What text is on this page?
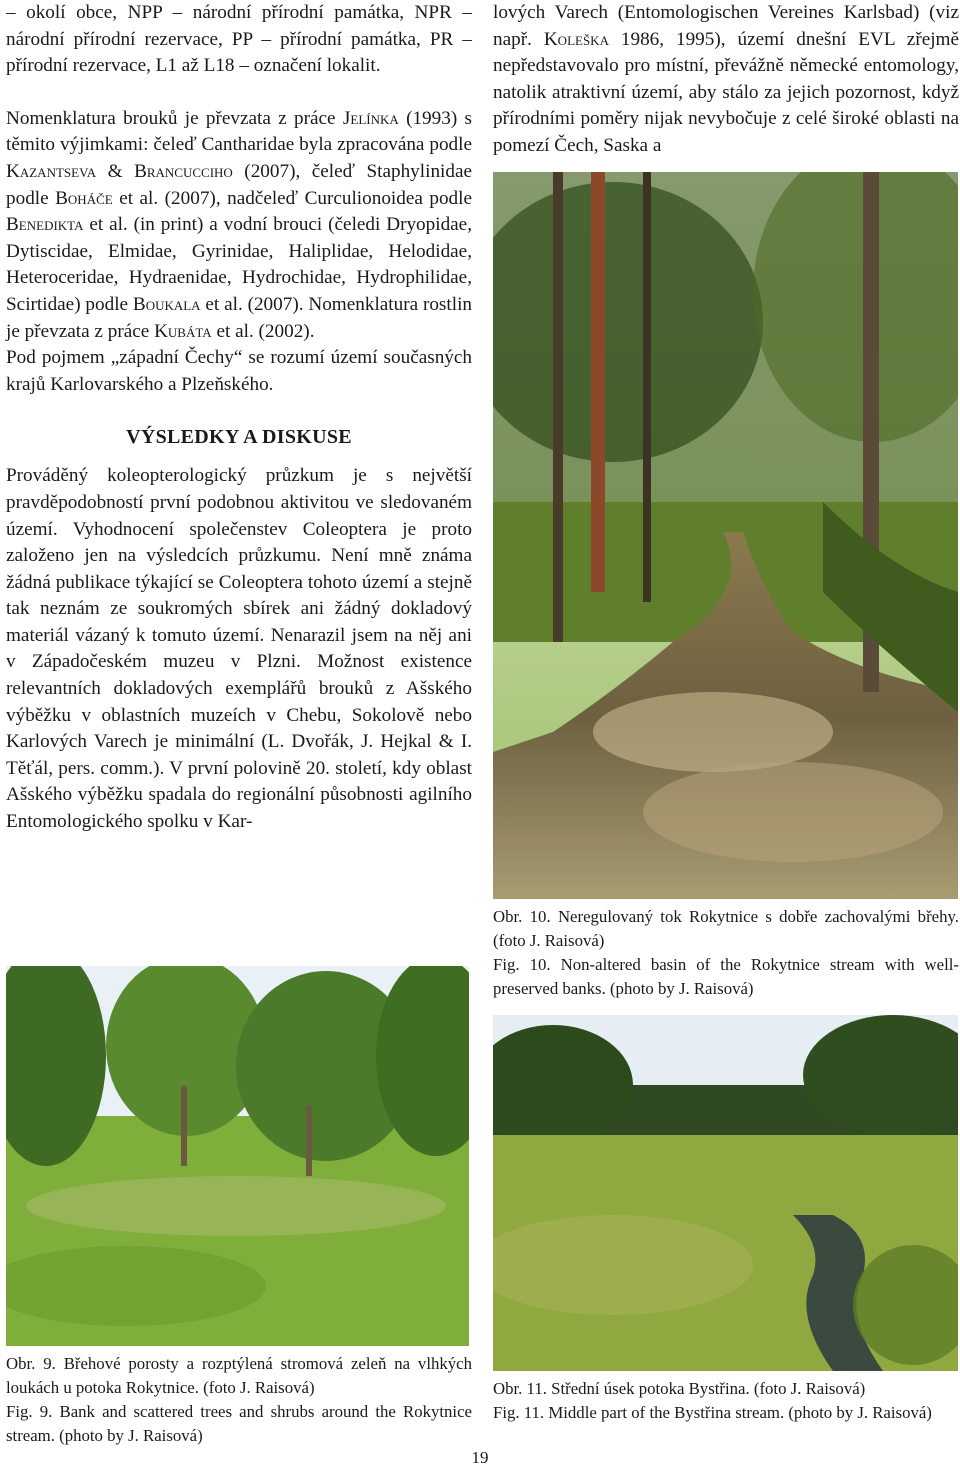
– okolí obce, NPP – národní přírodní památka, NPR – národní přírodní rezervace, PP – přírodní památka, PR – přírodní rezervace, L1 až L18 – označení lokalit.

Nomenklatura brouků je převzata z práce Jelínka (1993) s těmito výjimkami: čeleď Cantharidae byla zpracována podle Kazantseva & Brancucciho (2007), čeleď Staphylinidae podle Boháče et al. (2007), nadčeleď Curculionoidea podle Benedikta et al. (in print) a vodní brouci (čeledi Dryopidae, Dytiscidae, Elmidae, Gyrinidae, Haliplidae, Helodidae, Heteroceridae, Hydraenidae, Hydrochidae, Hydrophilidae, Scirtidae) podle Boukala et al. (2007). Nomenklatura rostlin je převzata z práce Kubáta et al. (2002).

Pod pojmem „západní Čechy“ se rozumí území současných krajů Karlovarského a Plzeňského.

VÝSLEDKY A DISKUSE

Prováděný koleopterologický průzkum je s největší pravděpodobností první podobnou aktivitou ve sledovaném území. Vyhodnocení společenstev Coleoptera je proto založeno jen na výsledcích průzkumu. Není mně známa žádná publikace týkající se Coleoptera tohoto území a stejně tak neznám ze soukromých sbírek ani žádný dokladový materiál vázaný k tomuto území. Nenarazil jsem na něj ani v Západočeském muzeu v Plzni. Možnost existence relevantních dokladových exemplářů brouků z Ašského výběžku v oblastních muzeích v Chebu, Sokolově nebo Karlových Varech je minimální (L. Dvořák, J. Hejkal & I. Těťál, pers. comm.). V první polovině 20. století, kdy oblast Ašského výběžku spadala do regionální působnosti agilního Entomologického spolku v Kar-

lových Varech (Entomologischen Vereines Karlsbad) (viz např. Koleška 1986, 1995), území dnešní EVL zřejmě nepředstavovalo pro místní, převážně německé entomology, natolik atraktivní území, aby stálo za jejich pozornost, když přírodními poměry nijak nevybočuje z celé široké oblasti na pomezí Čech, Saska a

Obr. 10. Neregulovaný tok Rokytnice s dobře zachovalými břehy. (foto J. Raisová)

Fig. 10. Non-altered basin of the Rokytnice stream with well-preserved banks. (photo by J. Raisová)

Obr. 9. Břehové porosty a rozptýlená stromová zeleň na vlhkých loukách u potoka Rokytnice. (foto J. Raisová)

Fig. 9. Bank and scattered trees and shrubs around the Rokytnice stream. (photo by J. Raisová)

Obr. 11. Střední úsek potoka Bystřina. (foto J. Raisová)

Fig. 11. Middle part of the Bystřina stream. (photo by J. Raisová)

19
